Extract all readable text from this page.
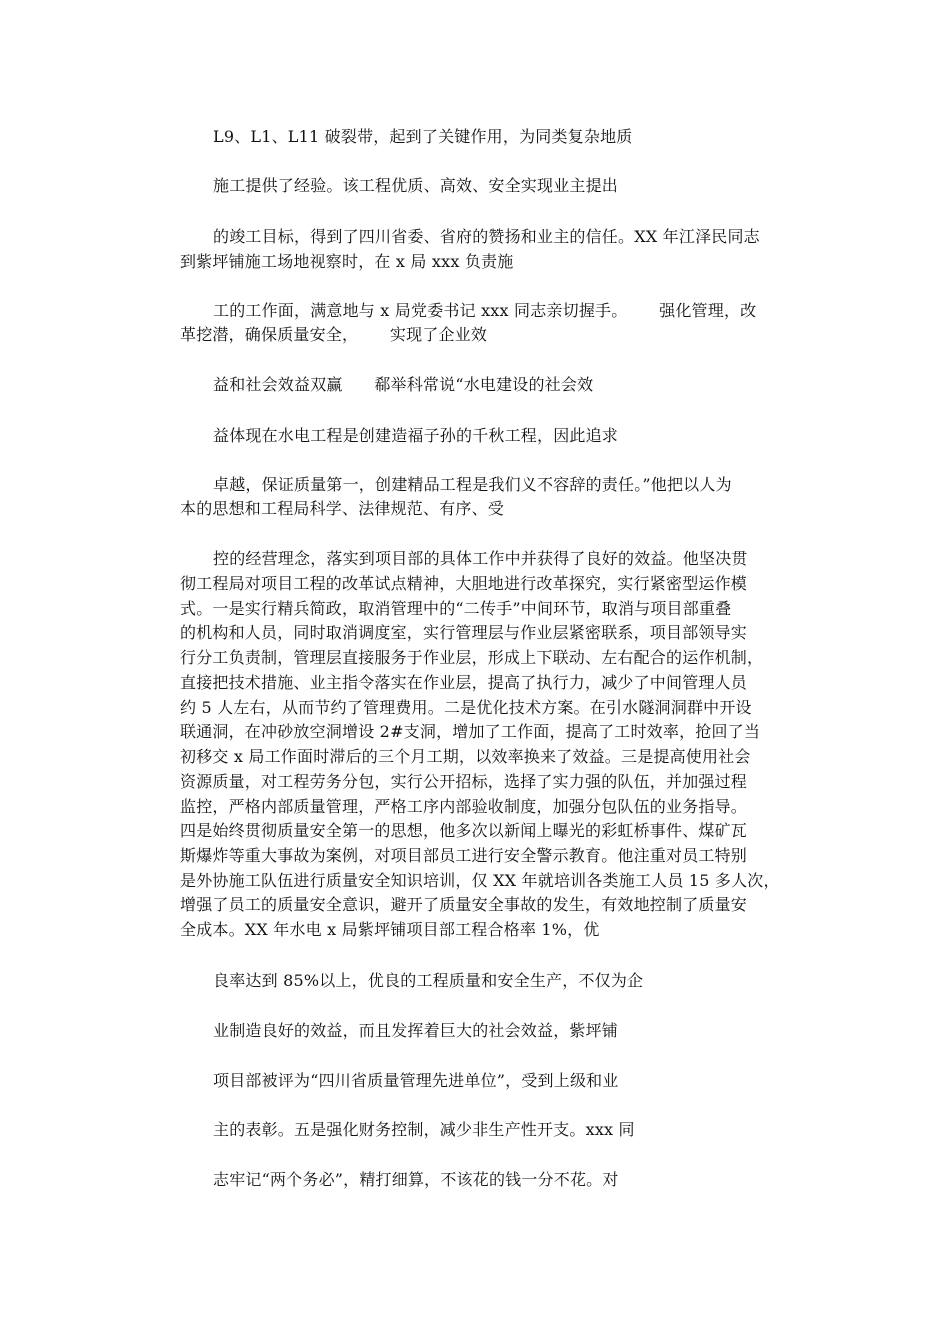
L9、L1、L11 破裂带，起到了关键作用，为同类复杂地质
施工提供了经验。该工程优质、高效、安全实现业主提出
的竣工目标，得到了四川省委、省府的赞扬和业主的信任。XX 年江泽民同志
到紫坪铺施工场地视察时，在 x 局 xxx 负责施
工的工作面，满意地与 x 局党委书记 xxx 同志亲切握手。      强化管理，改
革挖潜，确保质量安全，      实现了企业效
益和社会效益双赢      郗举科常说“水电建设的社会效
益体现在水电工程是创建造福子孙的千秋工程，因此追求
卓越，保证质量第一，创建精品工程是我们义不容辞的责任。”他把以人为
本的思想和工程局科学、法律规范、有序、受
控的经营理念，落实到项目部的具体工作中并获得了良好的效益。他坚决贯
彻工程局对项目工程的改革试点精神，大胆地进行改革探究，实行紧密型运作模
式。一是实行精兵简政，取消管理中的“二传手”中间环节，取消与项目部重叠
的机构和人员，同时取消调度室，实行管理层与作业层紧密联系，项目部领导实
行分工负责制，管理层直接服务于作业层，形成上下联动、左右配合的运作机制，
直接把技术措施、业主指令落实在作业层，提高了执行力，减少了中间管理人员
约 5 人左右，从而节约了管理费用。二是优化技术方案。在引水隧洞洞群中开设
联通洞，在冲砂放空洞增设 2#支洞，增加了工作面，提高了工时效率，抢回了当
初移交 x 局工作面时滞后的三个月工期，以效率换来了效益。三是提高使用社会
资源质量，对工程劳务分包，实行公开招标，选择了实力强的队伍，并加强过程
监控，严格内部质量管理，严格工序内部验收制度，加强分包队伍的业务指导。
四是始终贯彻质量安全第一的思想，他多次以新闻上曝光的彩虹桥事件、煤矿瓦
斯爆炸等重大事故为案例，对项目部员工进行安全警示教育。他注重对员工特别
是外协施工队伍进行质量安全知识培训，仅 XX 年就培训各类施工人员 15 多人次，
增强了员工的质量安全意识，避开了质量安全事故的发生，有效地控制了质量安
全成本。XX 年水电 x 局紫坪铺项目部工程合格率 1%，优
良率达到 85%以上，优良的工程质量和安全生产，不仅为企
业制造良好的效益，而且发挥着巨大的社会效益，紫坪铺
项目部被评为“四川省质量管理先进单位”，受到上级和业
主的表彰。五是强化财务控制，减少非生产性开支。xxx 同
志牢记“两个务必”，精打细算，不该花的钱一分不花。对
